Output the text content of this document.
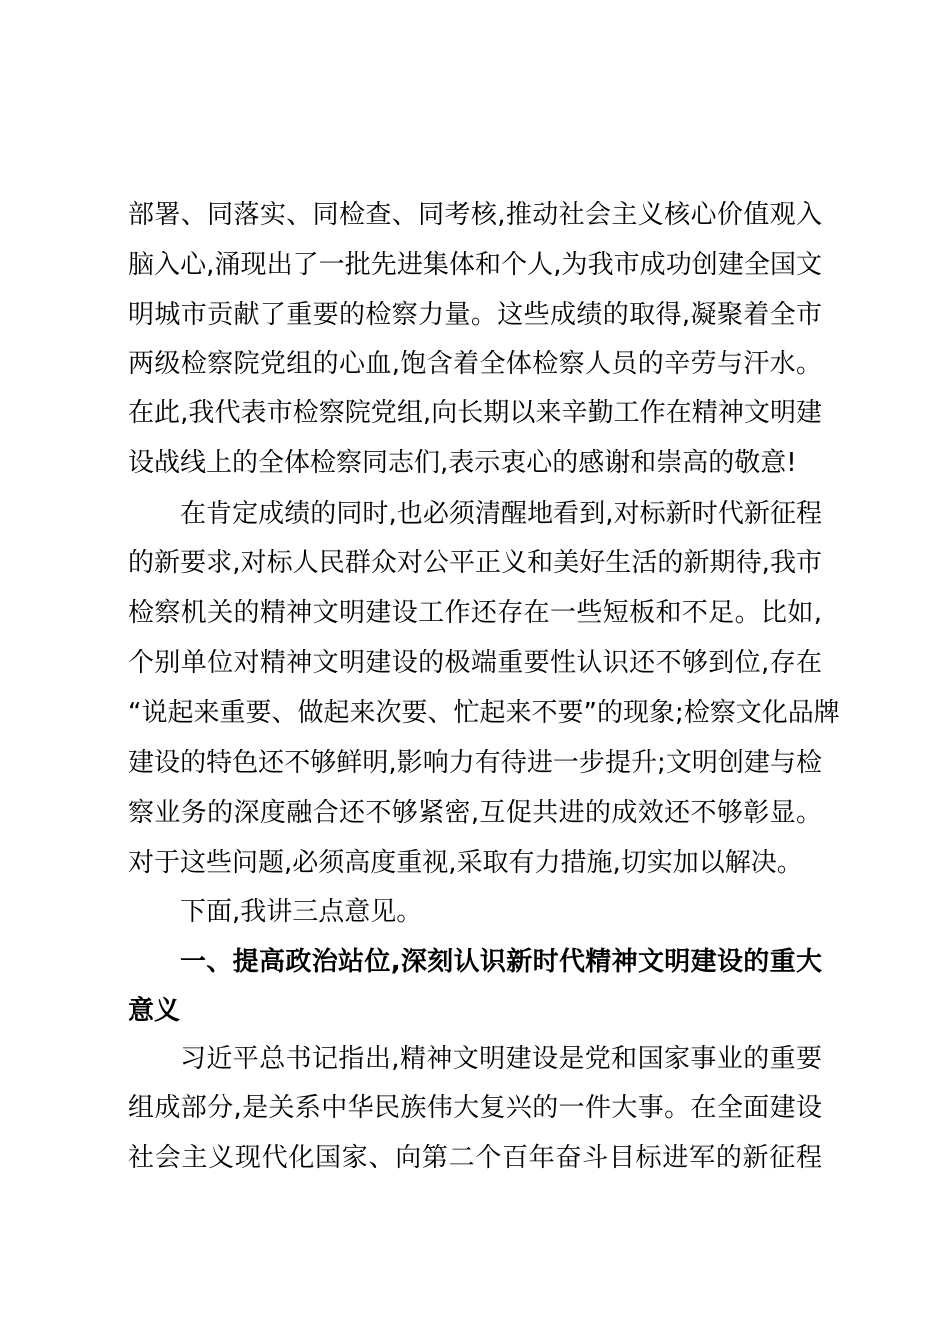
部署、同落实、同检查、同考核,推动社会主义核心价值观入
脑入心,涌现出了一批先进集体和个人,为我市成功创建全国文
明城市贡献了重要的检察力量。这些成绩的取得,凝聚着全市
两级检察院党组的心血,饱含着全体检察人员的辛劳与汗水。
在此,我代表市检察院党组,向长期以来辛勤工作在精神文明建
设战线上的全体检察同志们,表示衷心的感谢和崇高的敬意!
在肯定成绩的同时,也必须清醒地看到,对标新时代新征程
的新要求,对标人民群众对公平正义和美好生活的新期待,我市
检察机关的精神文明建设工作还存在一些短板和不足。比如,
个别单位对精神文明建设的极端重要性认识还不够到位,存在
“说起来重要、做起来次要、忙起来不要”的现象;检察文化品牌
建设的特色还不够鲜明,影响力有待进一步提升;文明创建与检
察业务的深度融合还不够紧密,互促共进的成效还不够彰显。
对于这些问题,必须高度重视,采取有力措施,切实加以解决。
下面,我讲三点意见。
一、提高政治站位,深刻认识新时代精神文明建设的重大
意义
习近平总书记指出,精神文明建设是党和国家事业的重要
组成部分,是关系中华民族伟大复兴的一件大事。在全面建设
社会主义现代化国家、向第二个百年奋斗目标进军的新征程
